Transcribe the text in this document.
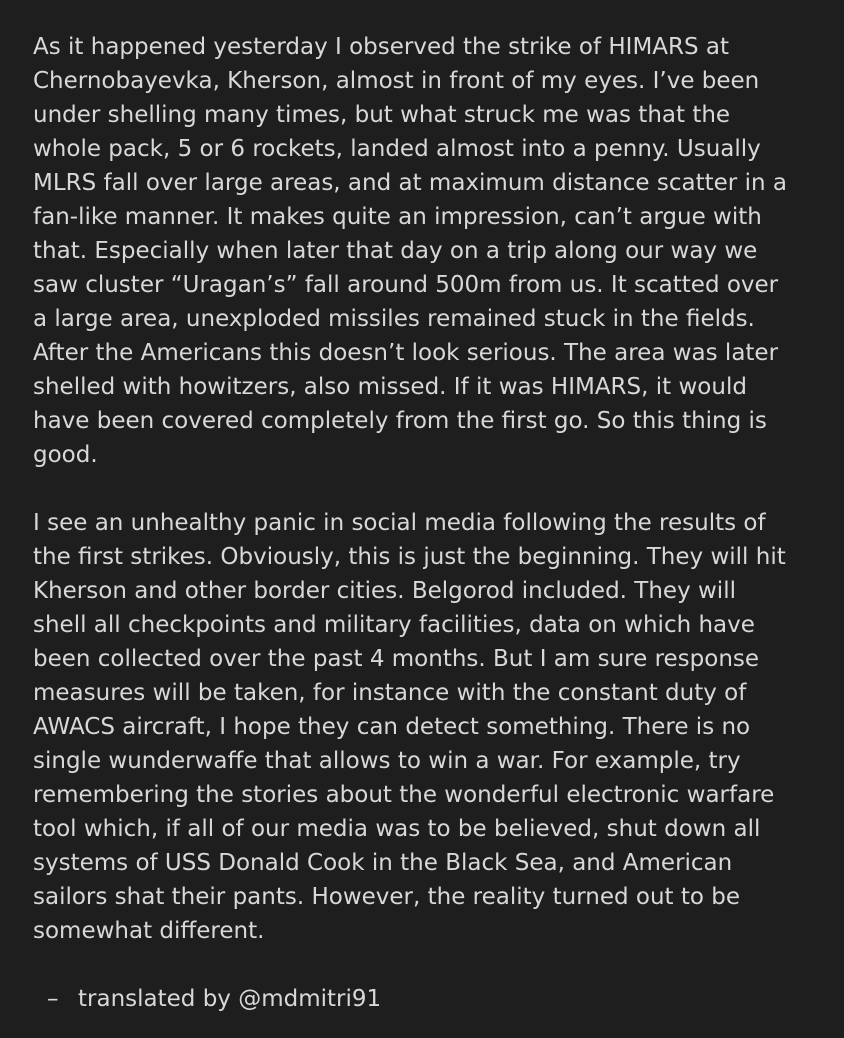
As it happened yesterday I observed the strike of HIMARS at
Chernobayevka, Kherson, almost in front of my eyes. I’ve been
under shelling many times, but what struck me was that the
whole pack, 5 or 6 rockets, landed almost into a penny. Usually
MLRS fall over large areas, and at maximum distance scatter in a
fan-like manner. It makes quite an impression, can’t argue with
that. Especially when later that day on a trip along our way we
saw cluster “Uragan’s” fall around 500m from us. It scatted over
a large area, unexploded missiles remained stuck in the fields.
After the Americans this doesn’t look serious. The area was later
shelled with howitzers, also missed. If it was HIMARS, it would
have been covered completely from the first go. So this thing is
good.
I see an unhealthy panic in social media following the results of
the first strikes. Obviously, this is just the beginning. They will hit
Kherson and other border cities. Belgorod included. They will
shell all checkpoints and military facilities, data on which have
been collected over the past 4 months. But I am sure response
measures will be taken, for instance with the constant duty of
AWACS aircraft, I hope they can detect something. There is no
single wunderwaffe that allows to win a war. For example, try
remembering the stories about the wonderful electronic warfare
tool which, if all of our media was to be believed, shut down all
systems of USS Donald Cook in the Black Sea, and American
sailors shat their pants. However, the reality turned out to be
somewhat different.
– translated by @mdmitri91
